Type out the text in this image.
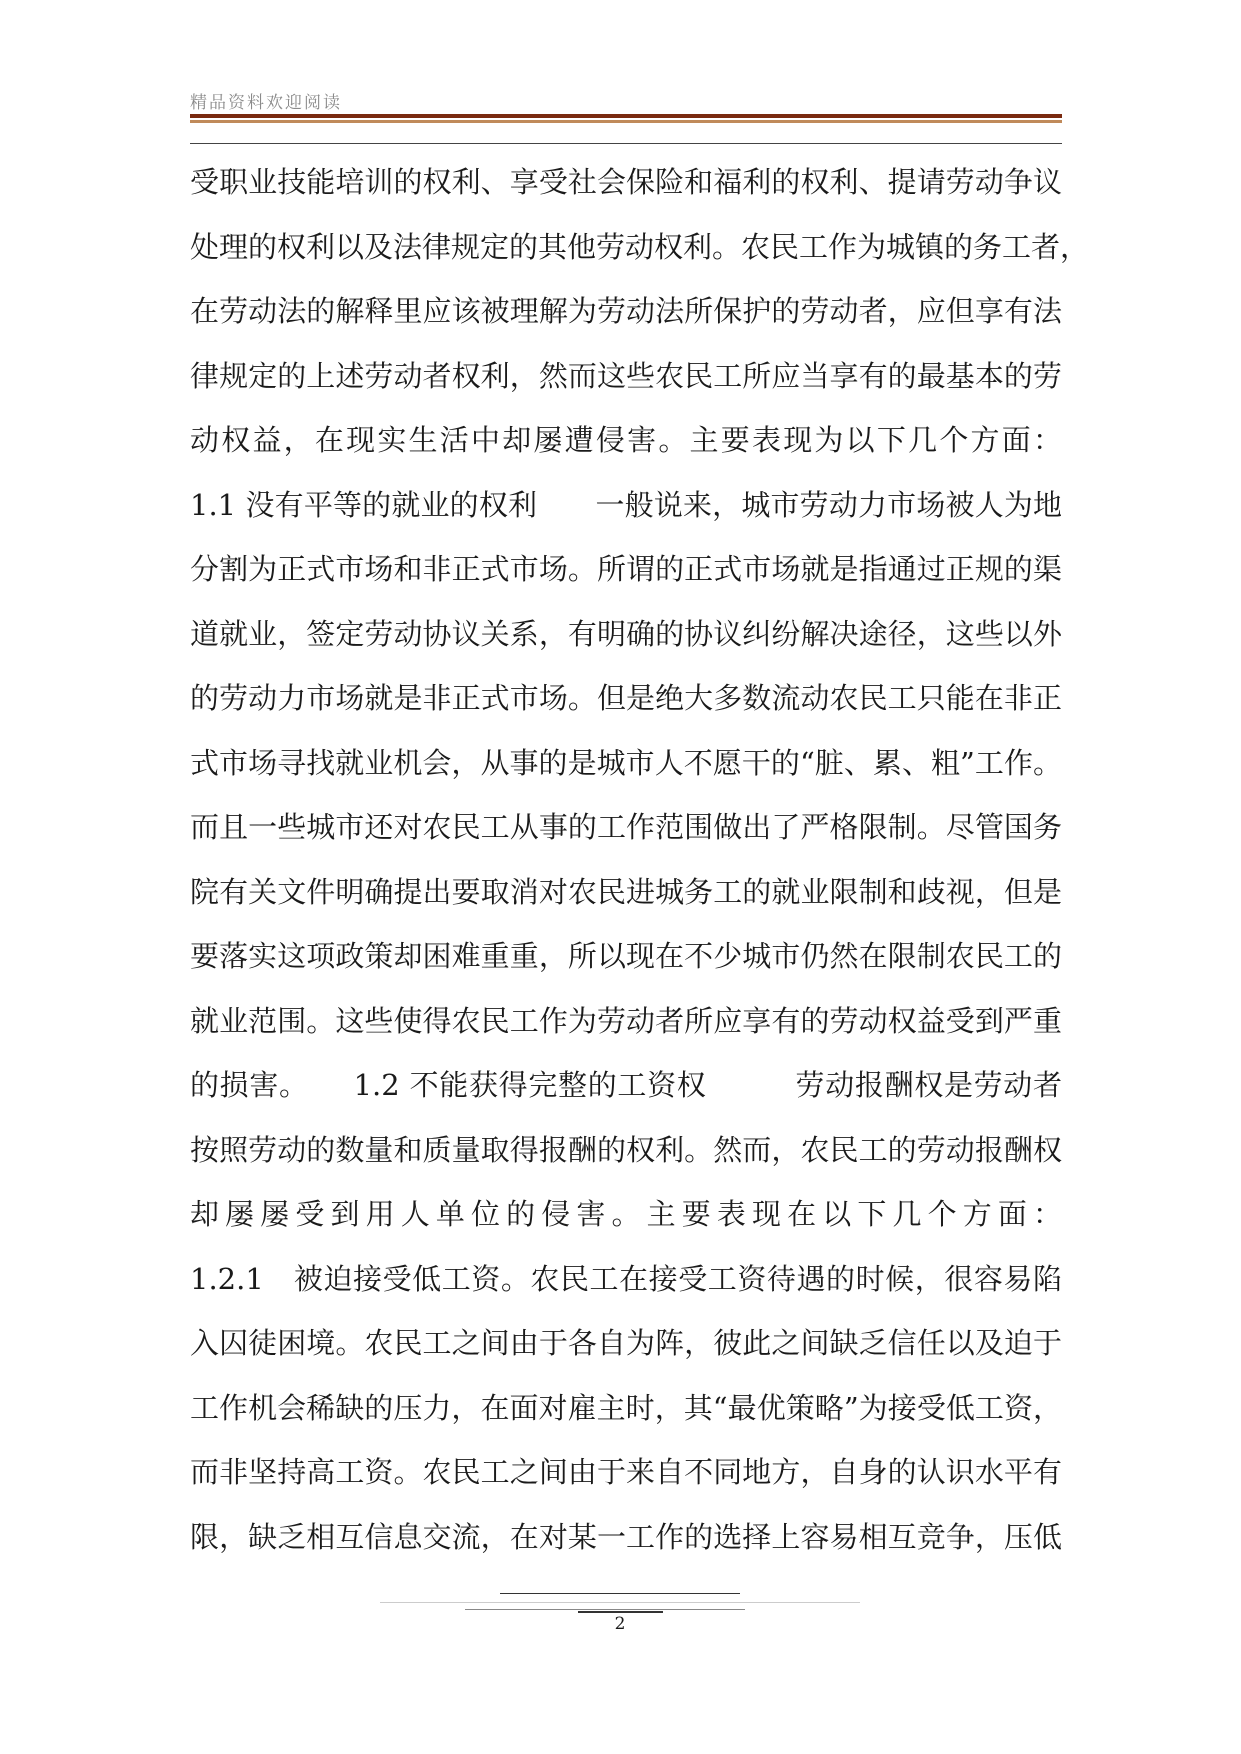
精品资料欢迎阅读
受职业技能培训的权利、享受社会保险和福利的权利、提请劳动争议
处理的权利以及法律规定的其他劳动权利。农民工作为城镇的务工者，
在劳动法的解释里应该被理解为劳动法所保护的劳动者，应但享有法
律规定的上述劳动者权利，然而这些农民工所应当享有的最基本的劳
动权益，在现实生活中却屡遭侵害。主要表现为以下几个方面：
1.1 没有平等的就业的权利　　一般说来，城市劳动力市场被人为地
分割为正式市场和非正式市场。所谓的正式市场就是指通过正规的渠
道就业，签定劳动协议关系，有明确的协议纠纷解决途径，这些以外
的劳动力市场就是非正式市场。但是绝大多数流动农民工只能在非正
式市场寻找就业机会，从事的是城市人不愿干的“脏、累、粗”工作。
而且一些城市还对农民工从事的工作范围做出了严格限制。尽管国务
院有关文件明确提出要取消对农民进城务工的就业限制和歧视，但是
要落实这项政策却困难重重，所以现在不少城市仍然在限制农民工的
就业范围。这些使得农民工作为劳动者所应享有的劳动权益受到严重
的损害。　　1.2 不能获得完整的工资权　　　劳动报酬权是劳动者
按照劳动的数量和质量取得报酬的权利。然而，农民工的劳动报酬权
却屡屡受到用人单位的侵害。主要表现在以下几个方面：
1.2.1　被迫接受低工资。农民工在接受工资待遇的时候，很容易陷
入囚徒困境。农民工之间由于各自为阵，彼此之间缺乏信任以及迫于
工作机会稀缺的压力，在面对雇主时，其“最优策略”为接受低工资，
而非坚持高工资。农民工之间由于来自不同地方，自身的认识水平有
限，缺乏相互信息交流，在对某一工作的选择上容易相互竞争，压低
2
